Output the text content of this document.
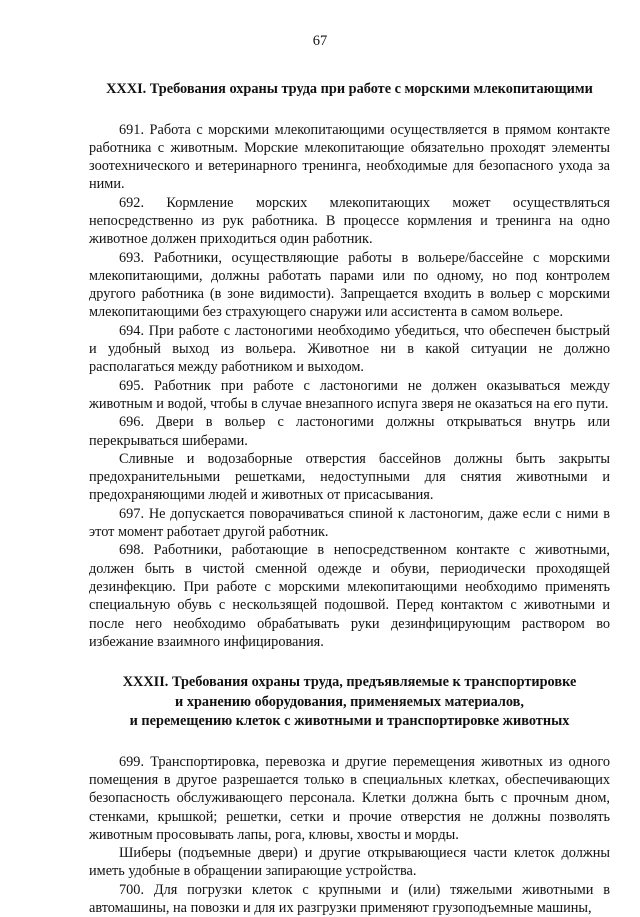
67
XXXI. Требования охраны труда при работе с морскими млекопитающими

691. Работа с морскими млекопитающими осуществляется в прямом контакте работника с животным. Морские млекопитающие обязательно проходят элементы зоотехнического и ветеринарного тренинга, необходимые для безопасного ухода за ними.

692. Кормление морских млекопитающих может осуществляться непосредственно из рук работника. В процессе кормления и тренинга на одно животное должен приходиться один работник.

693. Работники, осуществляющие работы в вольере/бассейне с морскими млекопитающими, должны работать парами или по одному, но под контролем другого работника (в зоне видимости). Запрещается входить в вольер с морскими млекопитающими без страхующего снаружи или ассистента в самом вольере.

694. При работе с ластоногими необходимо убедиться, что обеспечен быстрый и удобный выход из вольера. Животное ни в какой ситуации не должно располагаться между работником и выходом.

695. Работник при работе с ластоногими не должен оказываться между животным и водой, чтобы в случае внезапного испуга зверя не оказаться на его пути.

696. Двери в вольер с ластоногими должны открываться внутрь или перекрываться шиберами.

Сливные и водозаборные отверстия бассейнов должны быть закрыты предохранительными решетками, недоступными для снятия животными и предохраняющими людей и животных от присасывания.

697. Не допускается поворачиваться спиной к ластоногим, даже если с ними в этот момент работает другой работник.

698. Работники, работающие в непосредственном контакте с животными, должен быть в чистой сменной одежде и обуви, периодически проходящей дезинфекцию. При работе с морскими млекопитающими необходимо применять специальную обувь с нескользящей подошвой. Перед контактом с животными и после него необходимо обрабатывать руки дезинфицирующим раствором во избежание взаимного инфицирования.

XXXII. Требования охраны труда, предъявляемые к транспортировке
и хранению оборудования, применяемых материалов,
и перемещению клеток с животными и транспортировке животных

699. Транспортировка, перевозка и другие перемещения животных из одного помещения в другое разрешается только в специальных клетках, обеспечивающих безопасность обслуживающего персонала. Клетки должна быть с прочным дном, стенками, крышкой; решетки, сетки и прочие отверстия не должны позволять животным просовывать лапы, рога, клювы, хвосты и морды.

Шиберы (подъемные двери) и другие открывающиеся части клеток должны иметь удобные в обращении запирающие устройства.

700. Для погрузки клеток с крупными и (или) тяжелыми животными в автомашины, на повозки и для их разгрузки применяют грузоподъемные машины,
